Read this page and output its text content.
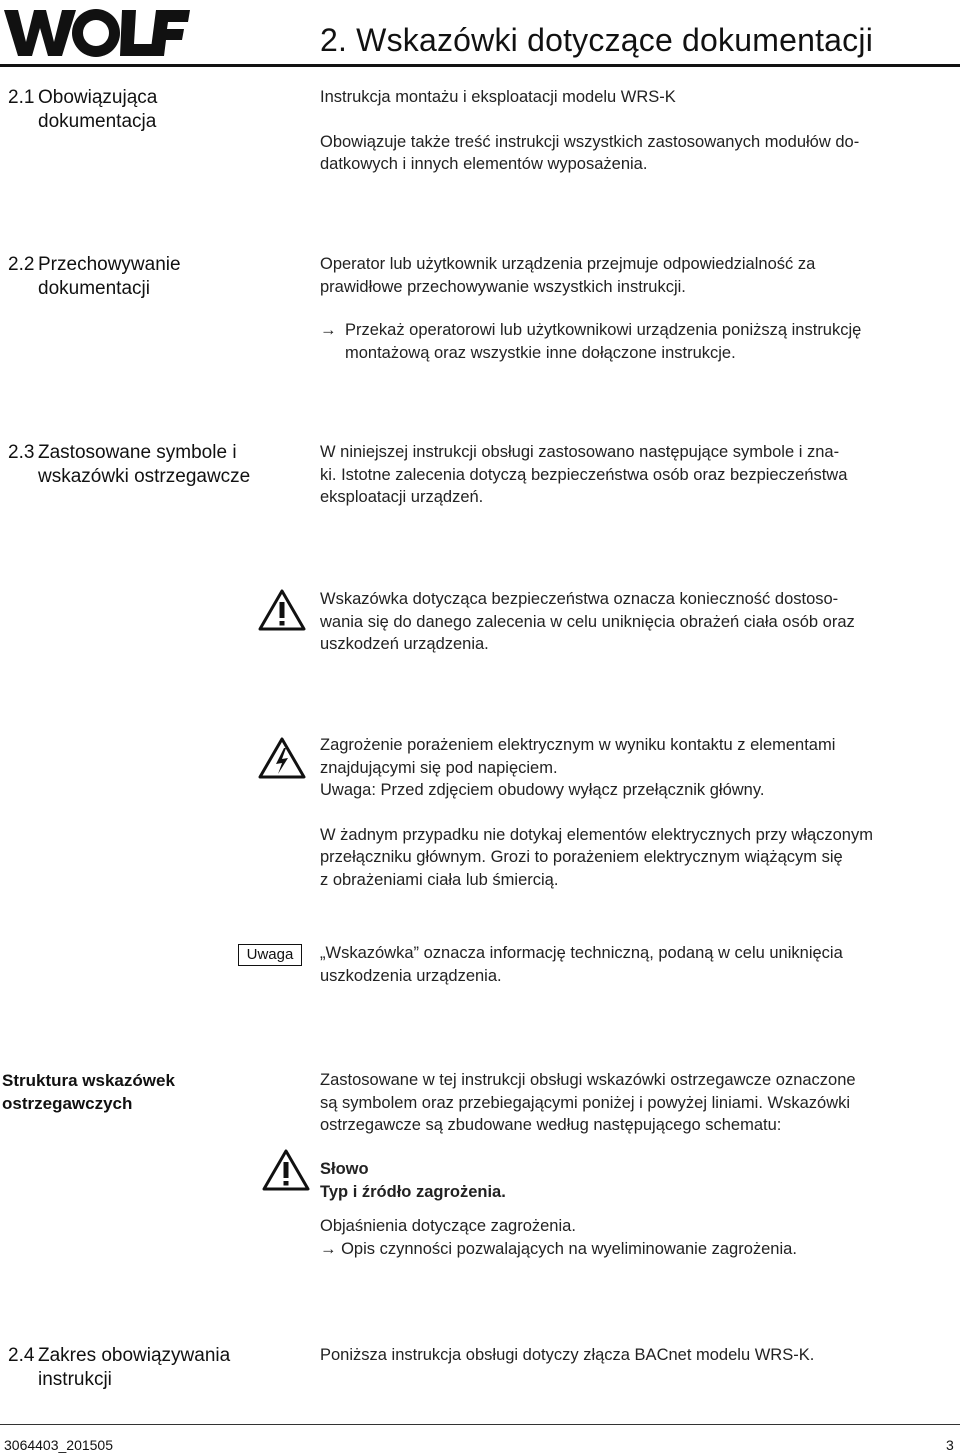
2. Wskazówki dotyczące dokumentacji
2.1 Obowiązująca
dokumentacja
Instrukcja montażu i eksploatacji modelu WRS-K
Obowiązuje także treść instrukcji wszystkich zastosowanych modułów do-
datkowych i innych elementów wyposażenia.
2.2 Przechowywanie
dokumentacji
Operator lub użytkownik urządzenia przejmuje odpowiedzialność za
prawidłowe przechowywanie wszystkich instrukcji.
→ Przekaż operatorowi lub użytkownikowi urządzenia poniższą instrukcję
montażową oraz wszystkie inne dołączone instrukcje.
2.3 Zastosowane symbole i
wskazówki ostrzegawcze
W niniejszej instrukcji obsługi zastosowano następujące symbole i zna-
ki. Istotne zalecenia dotyczą bezpieczeństwa osób oraz bezpieczeństwa
eksploatacji urządzeń.
Wskazówka dotycząca bezpieczeństwa oznacza konieczność dostoso-
wania się do danego zalecenia w celu uniknięcia obrażeń ciała osób oraz
uszkodzeń urządzenia.
Zagrożenie porażeniem elektrycznym w wyniku kontaktu z elementami
znajdującymi się pod napięciem.
Uwaga: Przed zdjęciem obudowy wyłącz przełącznik główny.
W żadnym przypadku nie dotykaj elementów elektrycznych przy włączonym
przełączniku głównym. Grozi to porażeniem elektrycznym wiążącym się
z obrażeniami ciała lub śmiercią.
Uwaga	„Wskazówka” oznacza informację techniczną, podaną w celu uniknięcia
uszkodzenia urządzenia.
Struktura wskazówek
ostrzegawczych
Zastosowane w tej instrukcji obsługi wskazówki ostrzegawcze oznaczone
są symbolem oraz przebiegającymi poniżej i powyżej liniami. Wskazówki
ostrzegawcze są zbudowane według następującego schematu:
Słowo
Typ i źródło zagrożenia.
Objaśnienia dotyczące zagrożenia.
→ Opis czynności pozwalających na wyeliminowanie zagrożenia.
2.4 Zakres obowiązywania
instrukcji
Poniższa instrukcja obsługi dotyczy złącza BACnet modelu WRS-K.
3064403_201505	3
